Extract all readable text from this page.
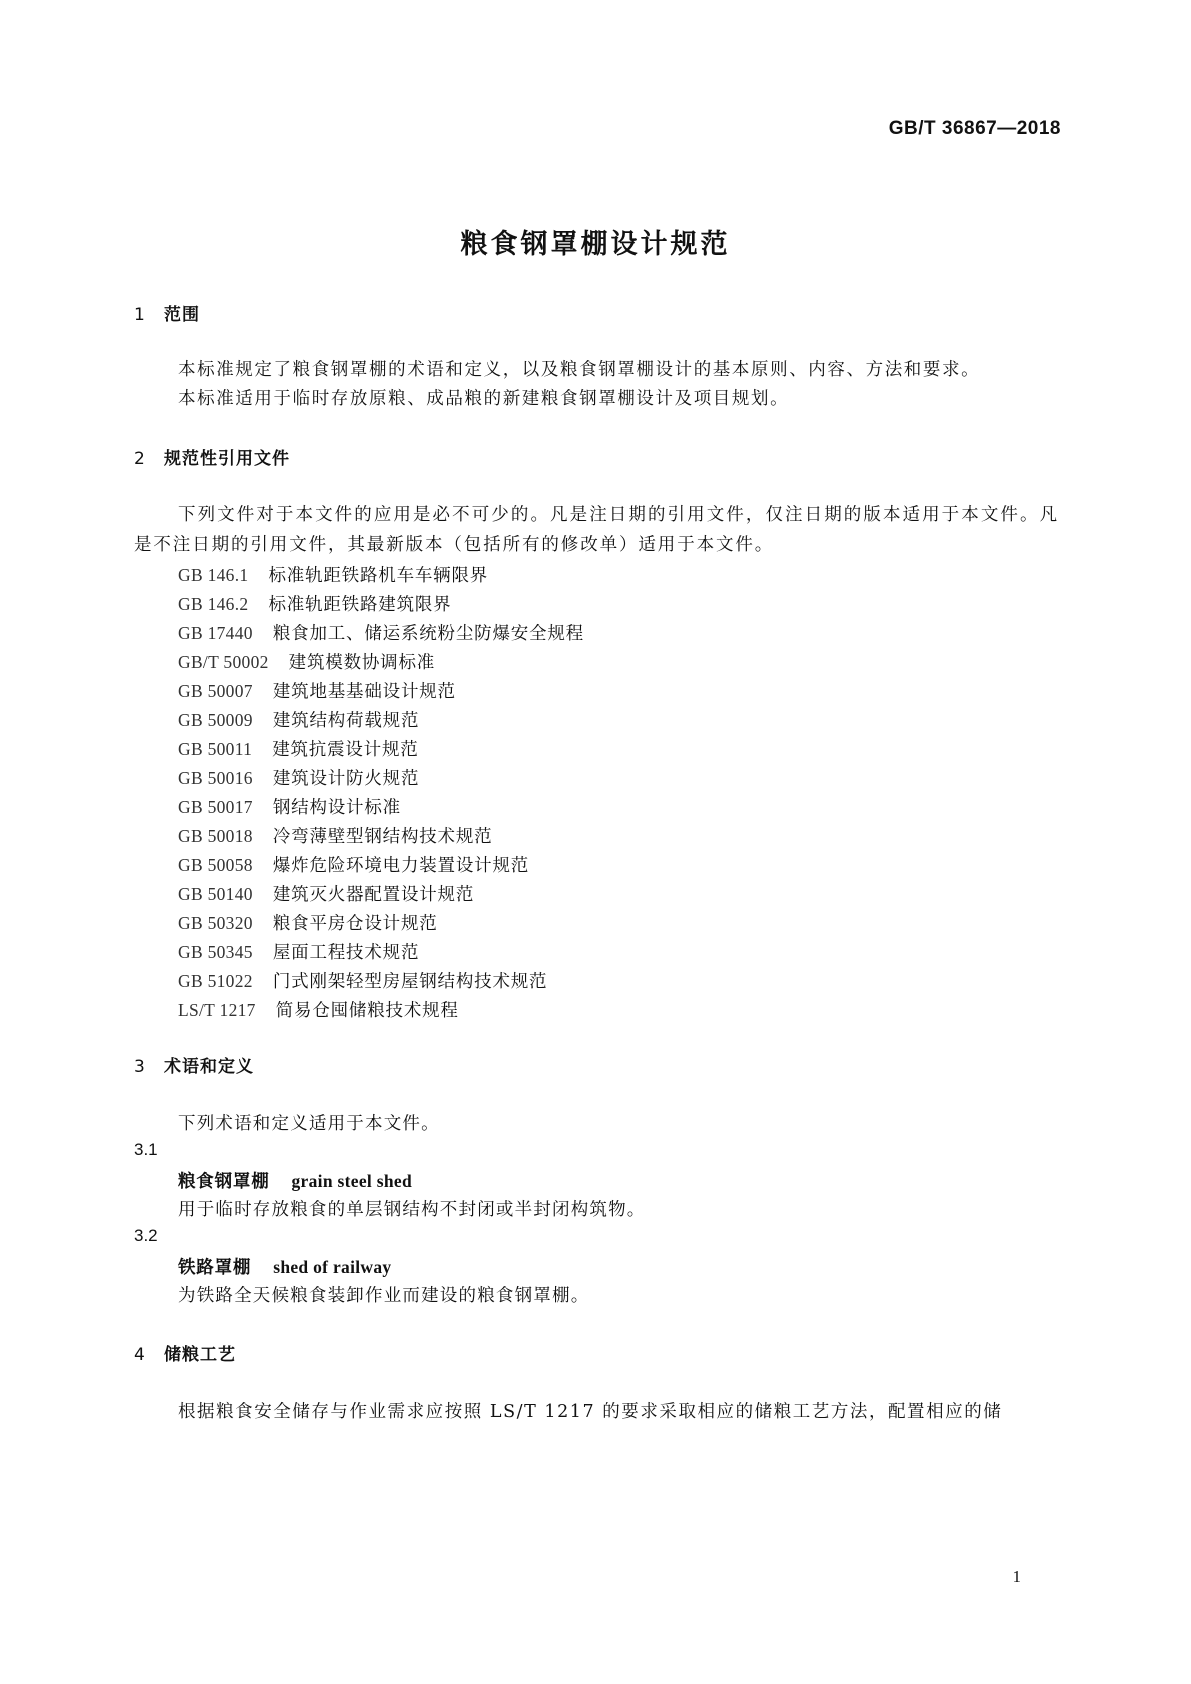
GB/T 36867—2018
粮食钢罩棚设计规范
1 范围
本标准规定了粮食钢罩棚的术语和定义，以及粮食钢罩棚设计的基本原则、内容、方法和要求。
本标准适用于临时存放原粮、成品粮的新建粮食钢罩棚设计及项目规划。
2 规范性引用文件
下列文件对于本文件的应用是必不可少的。凡是注日期的引用文件，仅注日期的版本适用于本文件。凡是不注日期的引用文件，其最新版本（包括所有的修改单）适用于本文件。
GB 146.1 标准轨距铁路机车车辆限界
GB 146.2 标准轨距铁路建筑限界
GB 17440 粮食加工、储运系统粉尘防爆安全规程
GB/T 50002 建筑模数协调标准
GB 50007 建筑地基基础设计规范
GB 50009 建筑结构荷载规范
GB 50011 建筑抗震设计规范
GB 50016 建筑设计防火规范
GB 50017 钢结构设计标准
GB 50018 冷弯薄壁型钢结构技术规范
GB 50058 爆炸危险环境电力装置设计规范
GB 50140 建筑灭火器配置设计规范
GB 50320 粮食平房仓设计规范
GB 50345 屋面工程技术规范
GB 51022 门式刚架轻型房屋钢结构技术规范
LS/T 1217 简易仓囤储粮技术规程
3 术语和定义
下列术语和定义适用于本文件。
3.1
粮食钢罩棚 grain steel shed
用于临时存放粮食的单层钢结构不封闭或半封闭构筑物。
3.2
铁路罩棚 shed of railway
为铁路全天候粮食装卸作业而建设的粮食钢罩棚。
4 储粮工艺
根据粮食安全储存与作业需求应按照 LS/T 1217 的要求采取相应的储粮工艺方法，配置相应的储
1
